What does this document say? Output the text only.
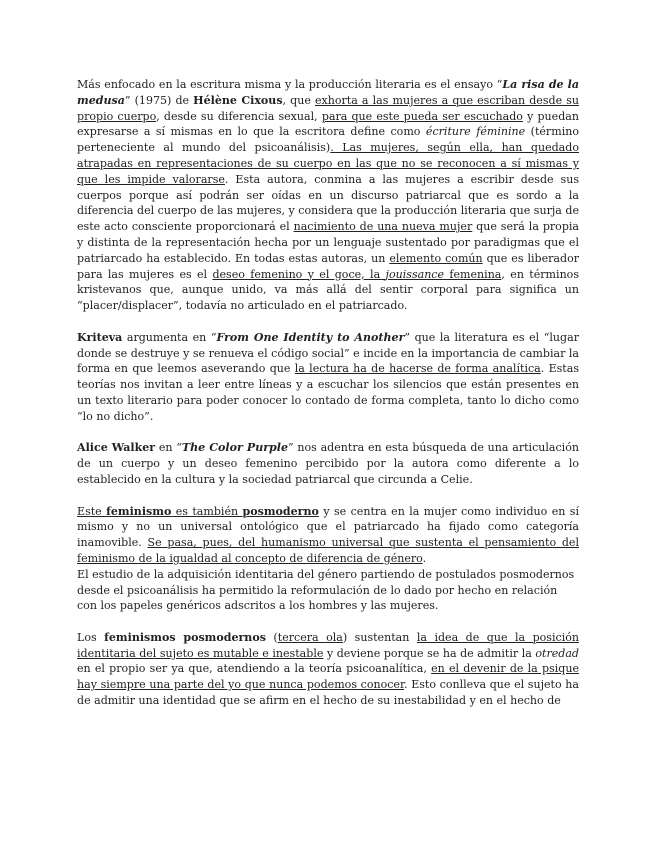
Más enfocado en la escritura misma y la producción literaria es el ensayo “La risa de la medusa” (1975) de Hélène Cixous, que exhorta a las mujeres a que escriban desde su propio cuerpo, desde su diferencia sexual, para que este pueda ser escuchado y puedan expresarse a sí mismas en lo que la escritora define como écriture féminine (término perteneciente al mundo del psicoanálisis). Las mujeres, según ella, han quedado atrapadas en representaciones de su cuerpo en las que no se reconocen a sí mismas y que les impide valorarse. Esta autora, conmina a las mujeres a escribir desde sus cuerpos porque así podrán ser oídas en un discurso patriarcal que es sordo a la diferencia del cuerpo de las mujeres, y considera que la producción literaria que surja de este acto consciente proporcionará el nacimiento de una nueva mujer que será la propia y distinta de la representación hecha por un lenguaje sustentado por paradigmas que el patriarcado ha establecido. En todas estas autoras, un elemento común que es liberador para las mujeres es el deseo femenino y el goce, la jouissance femenina, en términos kristevanos que, aunque unido, va más allá del sentir corporal para significa un “placer/displacer”, todavía no articulado en el patriarcado.

Kriteva argumenta en “From One Identity to Another” que la literatura es el “lugar donde se destruye y se renueva el código social” e incide en la importancia de cambiar la forma en que leemos aseverando que la lectura ha de hacerse de forma analítica. Estas teorías nos invitan a leer entre líneas y a escuchar los silencios que están presentes en un texto literario para poder conocer lo contado de forma completa, tanto lo dicho como “lo no dicho”.

Alice Walker en “The Color Purple” nos adentra en esta búsqueda de una articulación de un cuerpo y un deseo femenino percibido por la autora como diferente a lo establecido en la cultura y la sociedad patriarcal que circunda a Celie.

Este feminismo es también posmoderno y se centra en la mujer como individuo en sí mismo y no un universal ontológico que el patriarcado ha fijado como categoría inamovible. Se pasa, pues, del humanismo universal que sustenta el pensamiento del feminismo de la igualdad al concepto de diferencia de género.

El estudio de la adquisición identitaria del género partiendo de postulados posmodernos desde el psicoanálisis ha permitido la reformulación de lo dado por hecho en relación con los papeles genéricos adscritos a los hombres y las mujeres.

Los feminismos posmodernos (tercera ola) sustentan la idea de que la posición identitaria del sujeto es mutable e inestable y deviene porque se ha de admitir la otredad en el propio ser ya que, atendiendo a la teoría psicoanalítica, en el devenir de la psique hay siempre una parte del yo que nunca podemos conocer. Esto conlleva que el sujeto ha de admitir una identidad que se afirm en el hecho de su inestabilidad y en el hecho de
